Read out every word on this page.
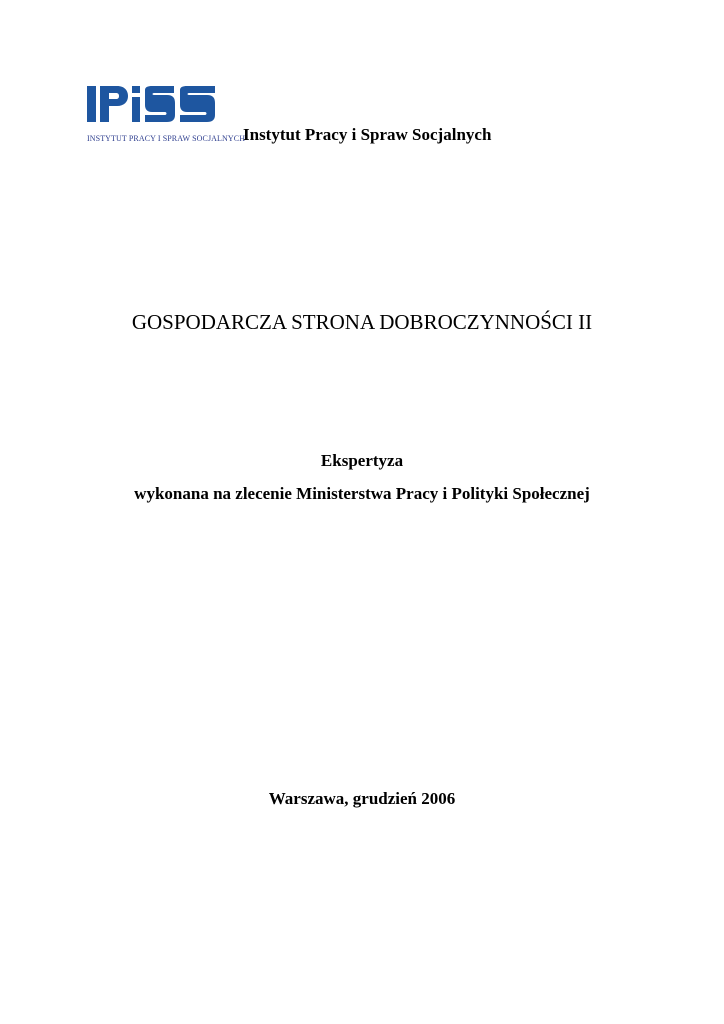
INSTYTUT PRACY I SPRAW SOCJALNYCH
Instytut Pracy i Spraw Socjalnych
GOSPODARCZA STRONA DOBROCZYNNOŚCI II
Ekspertyza
wykonana na zlecenie Ministerstwa Pracy i Polityki Społecznej
Warszawa, grudzień 2006
